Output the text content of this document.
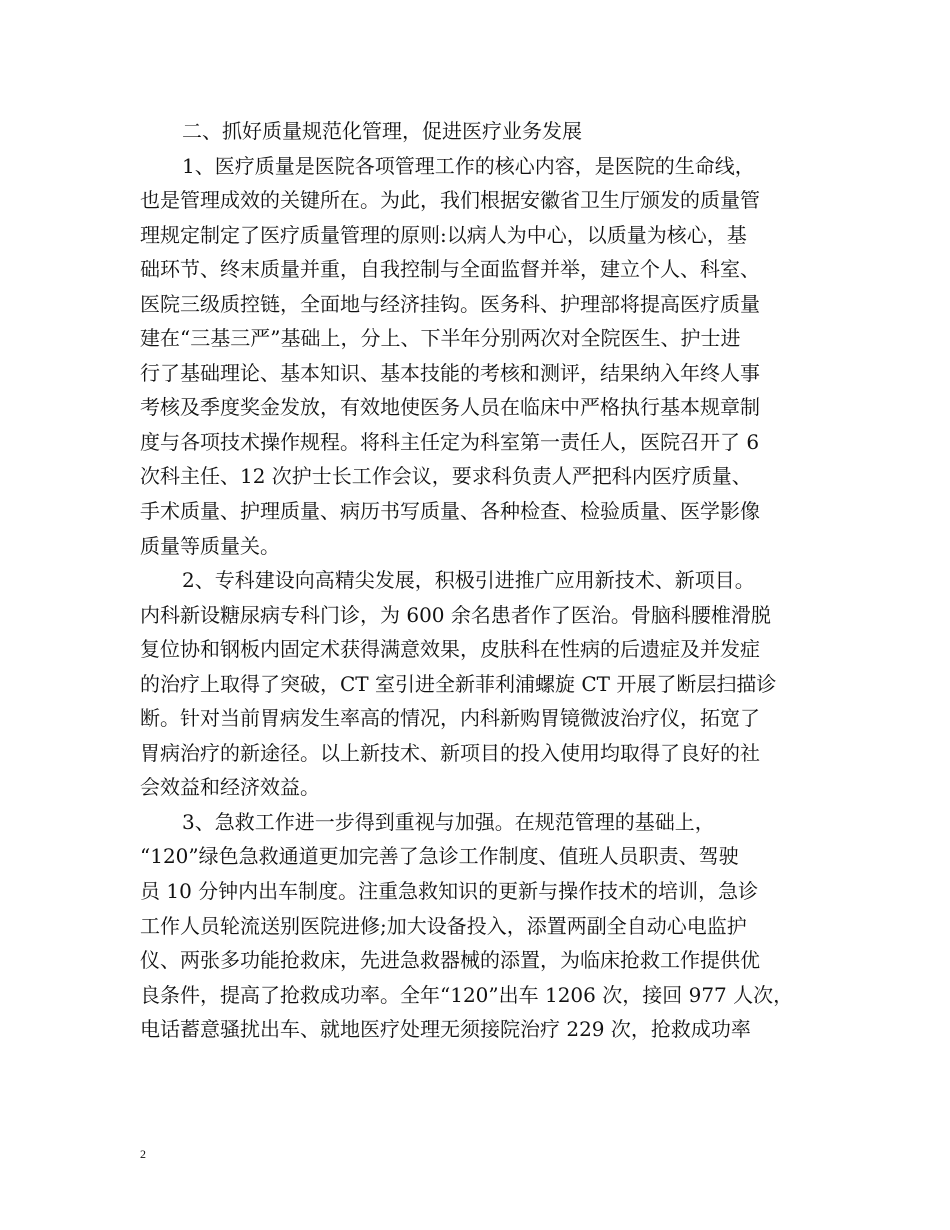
二、抓好质量规范化管理，促进医疗业务发展
1、医疗质量是医院各项管理工作的核心内容，是医院的生命线，
也是管理成效的关键所在。为此，我们根据安徽省卫生厅颁发的质量管
理规定制定了医疗质量管理的原则:以病人为中心，以质量为核心，基
础环节、终末质量并重，自我控制与全面监督并举，建立个人、科室、
医院三级质控链，全面地与经济挂钩。医务科、护理部将提高医疗质量
建在“三基三严”基础上，分上、下半年分别两次对全院医生、护士进
行了基础理论、基本知识、基本技能的考核和测评，结果纳入年终人事
考核及季度奖金发放，有效地使医务人员在临床中严格执行基本规章制
度与各项技术操作规程。将科主任定为科室第一责任人，医院召开了 6
次科主任、12 次护士长工作会议，要求科负责人严把科内医疗质量、
手术质量、护理质量、病历书写质量、各种检查、检验质量、医学影像
质量等质量关。
2、专科建设向高精尖发展，积极引进推广应用新技术、新项目。
内科新设糖尿病专科门诊，为 600 余名患者作了医治。骨脑科腰椎滑脱
复位协和钢板内固定术获得满意效果，皮肤科在性病的后遗症及并发症
的治疗上取得了突破，CT 室引进全新菲利浦螺旋 CT 开展了断层扫描诊
断。针对当前胃病发生率高的情况，内科新购胃镜微波治疗仪，拓宽了
胃病治疗的新途径。以上新技术、新项目的投入使用均取得了良好的社
会效益和经济效益。
3、急救工作进一步得到重视与加强。在规范管理的基础上，
“120”绿色急救通道更加完善了急诊工作制度、值班人员职责、驾驶
员 10 分钟内出车制度。注重急救知识的更新与操作技术的培训，急诊
工作人员轮流送别医院进修;加大设备投入，添置两副全自动心电监护
仪、两张多功能抢救床，先进急救器械的添置，为临床抢救工作提供优
良条件，提高了抢救成功率。全年“120”出车 1206 次，接回 977 人次，
电话蓄意骚扰出车、就地医疗处理无须接院治疗 229 次，抢救成功率
2
